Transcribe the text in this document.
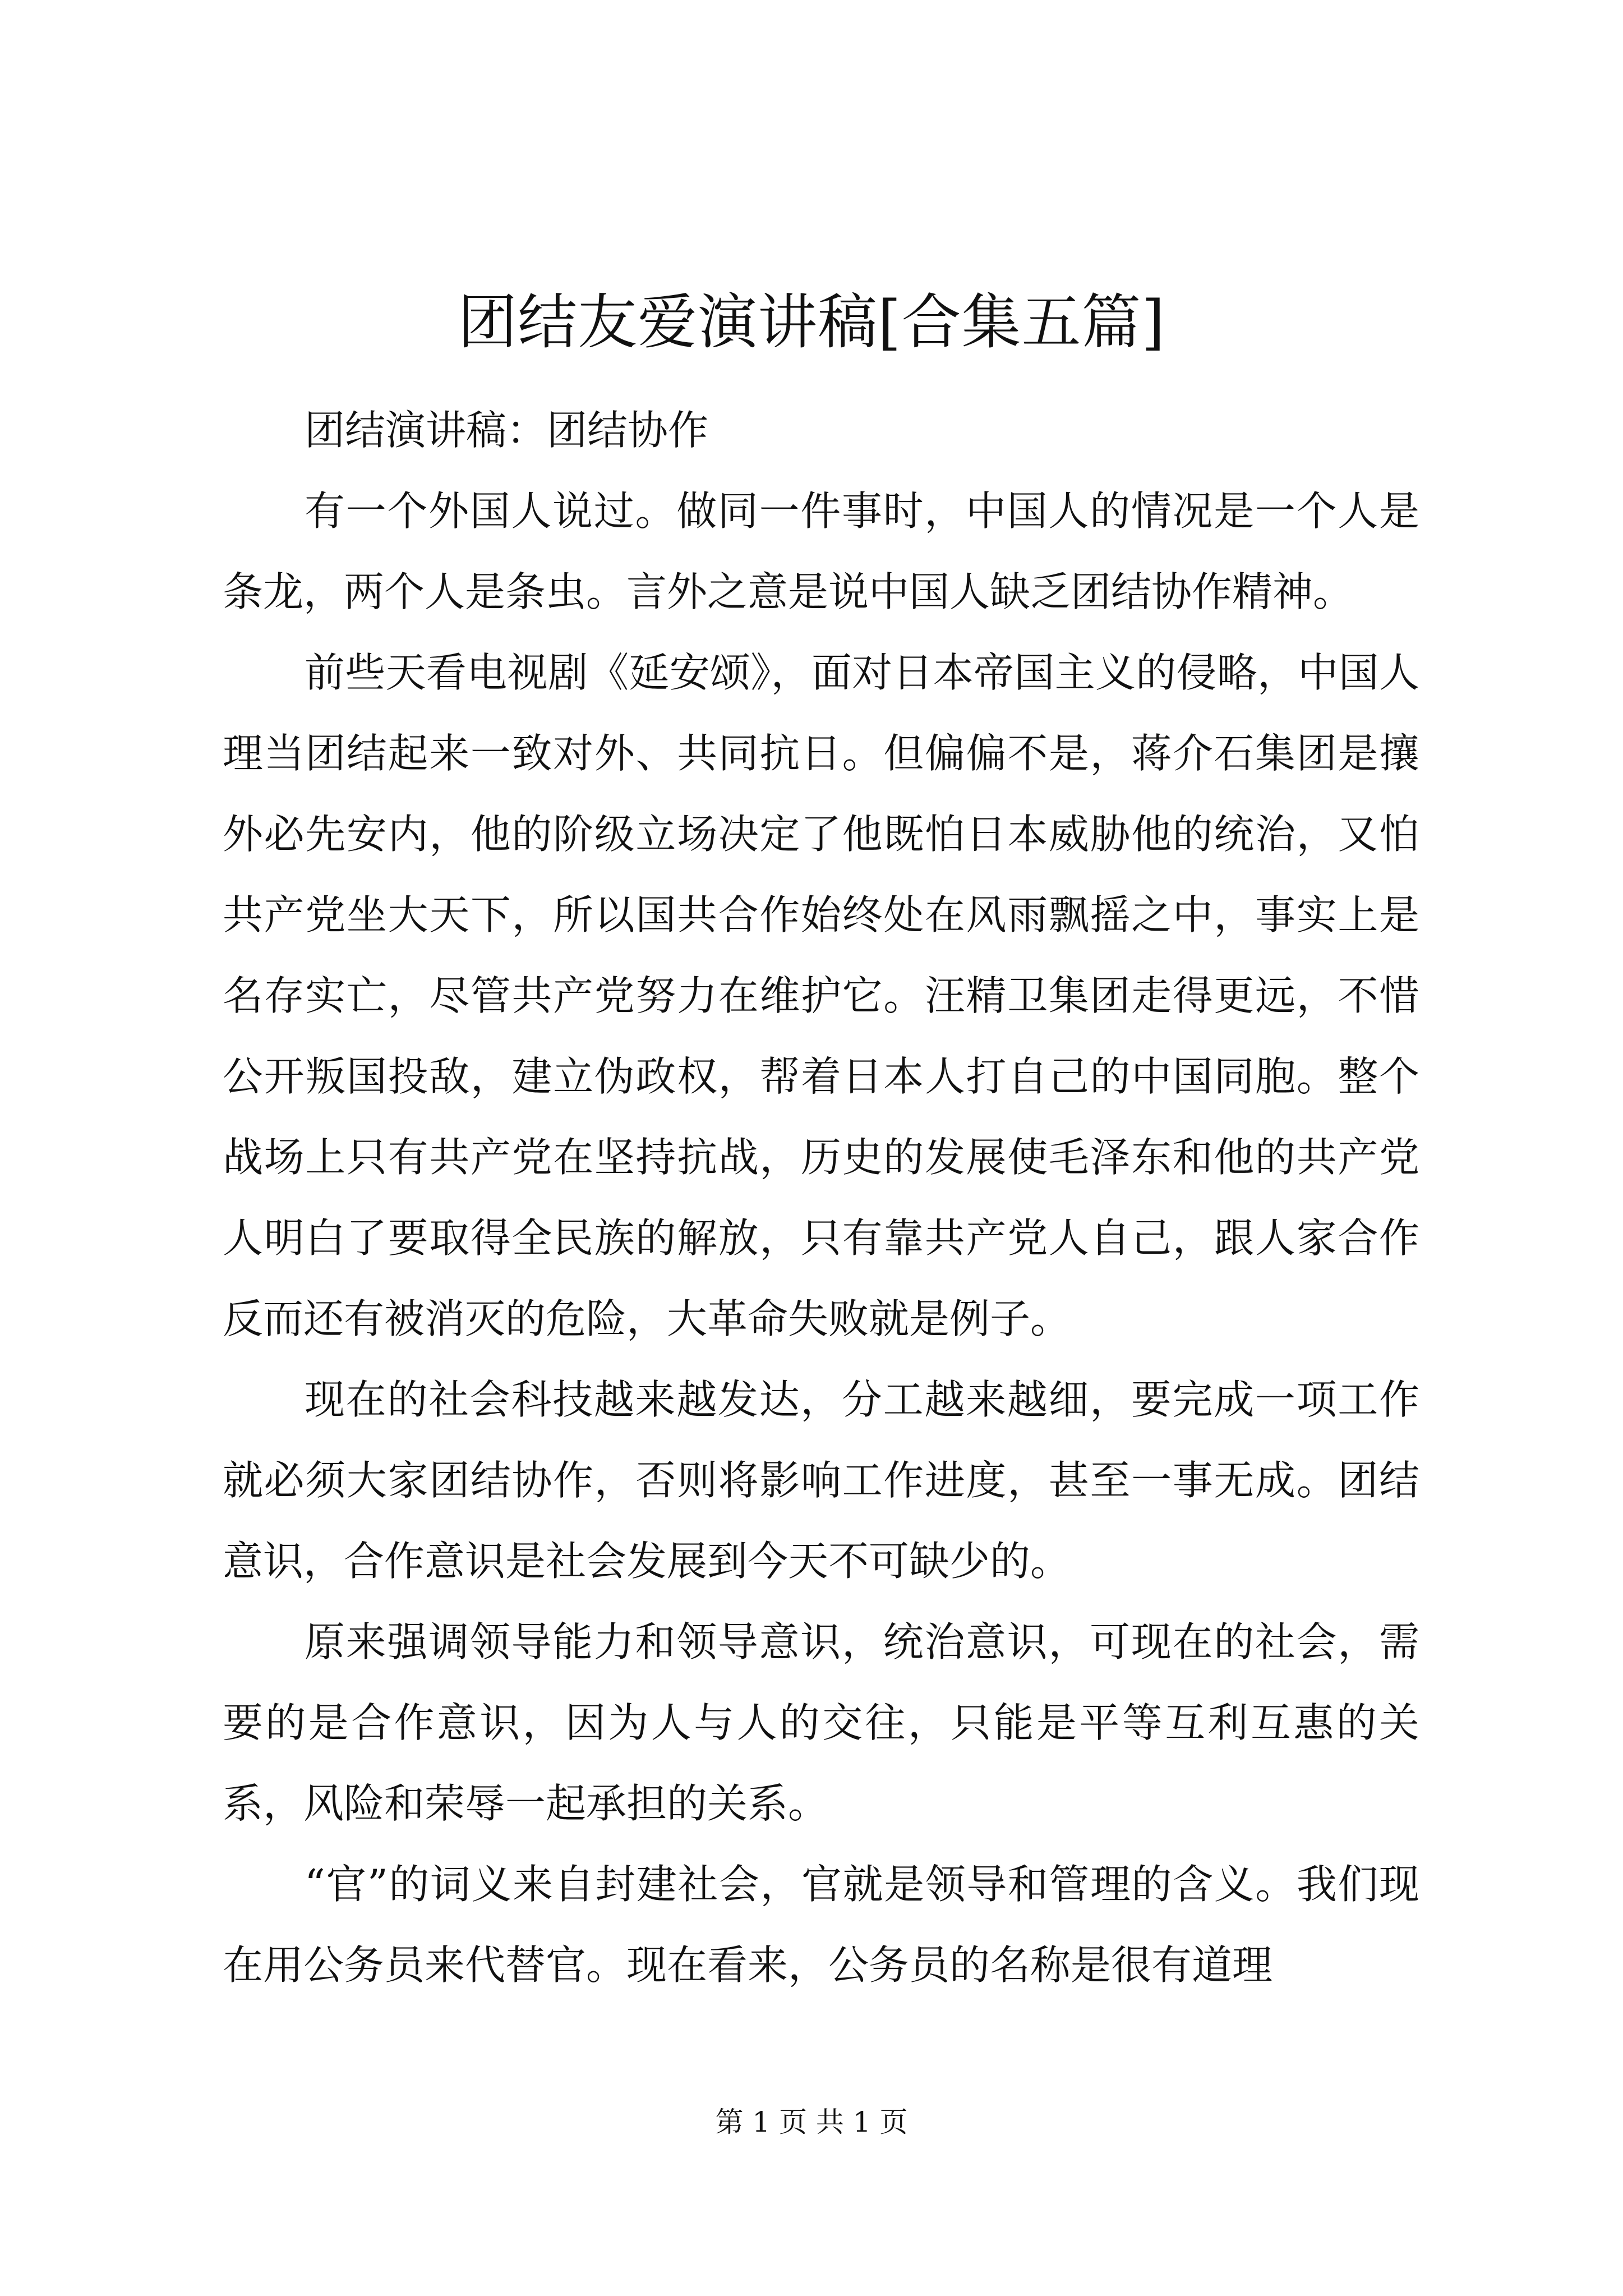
团结友爱演讲稿[合集五篇]

团结演讲稿：团结协作

有一个外国人说过。做同一件事时，中国人的情况是一个人是条龙，两个人是条虫。言外之意是说中国人缺乏团结协作精神。

前些天看电视剧《延安颂》，面对日本帝国主义的侵略，中国人理当团结起来一致对外、共同抗日。但偏偏不是，蒋介石集团是攘外必先安内，他的阶级立场决定了他既怕日本威胁他的统治，又怕共产党坐大天下，所以国共合作始终处在风雨飘摇之中，事实上是名存实亡，尽管共产党努力在维护它。汪精卫集团走得更远，不惜公开叛国投敌，建立伪政权，帮着日本人打自己的中国同胞。整个战场上只有共产党在坚持抗战，历史的发展使毛泽东和他的共产党人明白了要取得全民族的解放，只有靠共产党人自己，跟人家合作反而还有被消灭的危险，大革命失败就是例子。

现在的社会科技越来越发达，分工越来越细，要完成一项工作就必须大家团结协作，否则将影响工作进度，甚至一事无成。团结意识，合作意识是社会发展到今天不可缺少的。

原来强调领导能力和领导意识，统治意识，可现在的社会，需要的是合作意识，因为人与人的交往，只能是平等互利互惠的关系，风险和荣辱一起承担的关系。

“官”的词义来自封建社会，官就是领导和管理的含义。我们现在用公务员来代替官。现在看来，公务员的名称是很有道理

第 1 页 共 1 页
